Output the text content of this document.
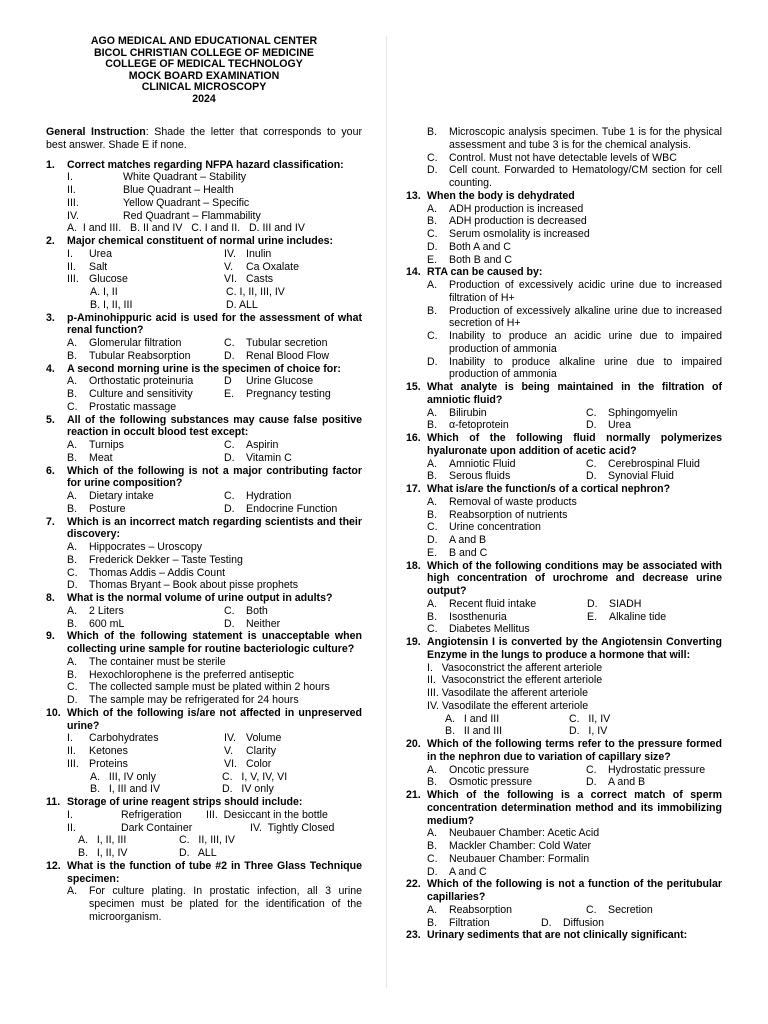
AGO MEDICAL AND EDUCATIONAL CENTER
BICOL CHRISTIAN COLLEGE OF MEDICINE
COLLEGE OF MEDICAL TECHNOLOGY
MOCK BOARD EXAMINATION
CLINICAL MICROSCOPY
2024
General Instruction: Shade the letter that corresponds to your best answer. Shade E if none.
1. Correct matches regarding NFPA hazard classification:
I.	White Quadrant – Stability
II.	Blue Quadrant – Health
III.	Yellow Quadrant – Specific
IV.	Red Quadrant – Flammability
A.  I and III.   B. II and IV   C. I and II.   D. III and IV
2. Major chemical constituent of normal urine includes:
I. Urea	IV. Inulin
II. Salt	V. Ca Oxalate
III. Glucose	VI. Casts
A. I, II	C. I, II, III, IV
B. I, II, III	D. ALL
3. p-Aminohippuric acid is used for the assessment of what renal function?
A. Glomerular filtration	C. Tubular secretion
B. Tubular Reabsorption	D. Renal Blood Flow
4. A second morning urine is the specimen of choice for:
A. Orthostatic proteinuria	D Urine Glucose
B. Culture and sensitivity	E. Pregnancy testing
C. Prostatic massage
5. All of the following substances may cause false positive reaction in occult blood test except:
A. Turnips	C. Aspirin
B. Meat	D. Vitamin C
6. Which of the following is not a major contributing factor for urine composition?
A. Dietary intake	C. Hydration
B. Posture	D. Endocrine Function
7. Which is an incorrect match regarding scientists and their discovery:
A. Hippocrates – Uroscopy
B. Frederick Dekker – Taste Testing
C. Thomas Addis – Addis Count
D. Thomas Bryant – Book about pisse prophets
8. What is the normal volume of urine output in adults?
A. 2 Liters	C. Both
B. 600 mL	D. Neither
9. Which of the following statement is unacceptable when collecting urine sample for routine bacteriologic culture?
A. The container must be sterile
B. Hexochlorophene is the preferred antiseptic
C. The collected sample must be plated within 2 hours
D. The sample may be refrigerated for 24 hours
10. Which of the following is/are not affected in unpreserved urine?
I. Carbohydrates	IV. Volume
II. Ketones	V. Clarity
III. Proteins	VI. Color
A.   III, IV only	C.   I, V, IV, VI
B.   I, III and IV	D.   IV only
11. Storage of urine reagent strips should include:
I.	Refrigeration	III.  Desiccant in the bottle
II.	Dark Container	IV.  Tightly Closed
A.   I, II, III	C.   II, III, IV
B.   I, II, IV	D.   ALL
12. What is the function of tube #2 in Three Glass Technique specimen:
A. For culture plating. In prostatic infection, all 3 urine specimen must be plated for the identification of the microorganism.
B. Microscopic analysis specimen. Tube 1 is for the physical assessment and tube 3 is for the chemical analysis.
C. Control. Must not have detectable levels of WBC
D. Cell count. Forwarded to Hematology/CM section for cell counting.
13. When the body is dehydrated
A. ADH production is increased
B. ADH production is decreased
C. Serum osmolality is increased
D. Both A and C
E. Both B and C
14. RTA can be caused by:
A. Production of excessively acidic urine due to increased filtration of H+
B. Production of excessively alkaline urine due to increased secretion of H+
C. Inability to produce an acidic urine due to impaired production of ammonia
D. Inability to produce alkaline urine due to impaired production of ammonia
15. What analyte is being maintained in the filtration of amniotic fluid?
A. Bilirubin	C. Sphingomyelin
B. α-fetoprotein	D. Urea
16. Which of the following fluid normally polymerizes hyaluronate upon addition of acetic acid?
A. Amniotic Fluid	C. Cerebrospinal Fluid
B. Serous fluids	D. Synovial Fluid
17. What is/are the function/s of a cortical nephron?
A. Removal of waste products
B. Reabsorption of nutrients
C. Urine concentration
D. A and B
E. B and C
18. Which of the following conditions may be associated with high concentration of urochrome and decrease urine output?
A. Recent fluid intake	D. SIADH
B. Isosthenuria	E. Alkaline tide
C. Diabetes Mellitus
19. Angiotensin I is converted by the Angiotensin Converting Enzyme in the lungs to produce a hormone that will:
I.   Vasoconstrict the afferent arteriole
II.  Vasoconstrict the efferent arteriole
III. Vasodilate the afferent arteriole
IV. Vasodilate the efferent arteriole
A.   I and III	C.   II, IV
B.   II and III	D.   I, IV
20. Which of the following terms refer to the pressure formed in the nephron due to variation of capillary size?
A. Oncotic pressure	C. Hydrostatic pressure
B. Osmotic pressure	D. A and B
21. Which of the following is a correct match of sperm concentration determination method and its immobilizing medium?
A. Neubauer Chamber: Acetic Acid
B. Mackler Chamber: Cold Water
C. Neubauer Chamber: Formalin
D. A and C
22. Which of the following is not a function of the peritubular capillaries?
A. Reabsorption	C. Secretion
B. Filtration	D. Diffusion
23. Urinary sediments that are not clinically significant:
